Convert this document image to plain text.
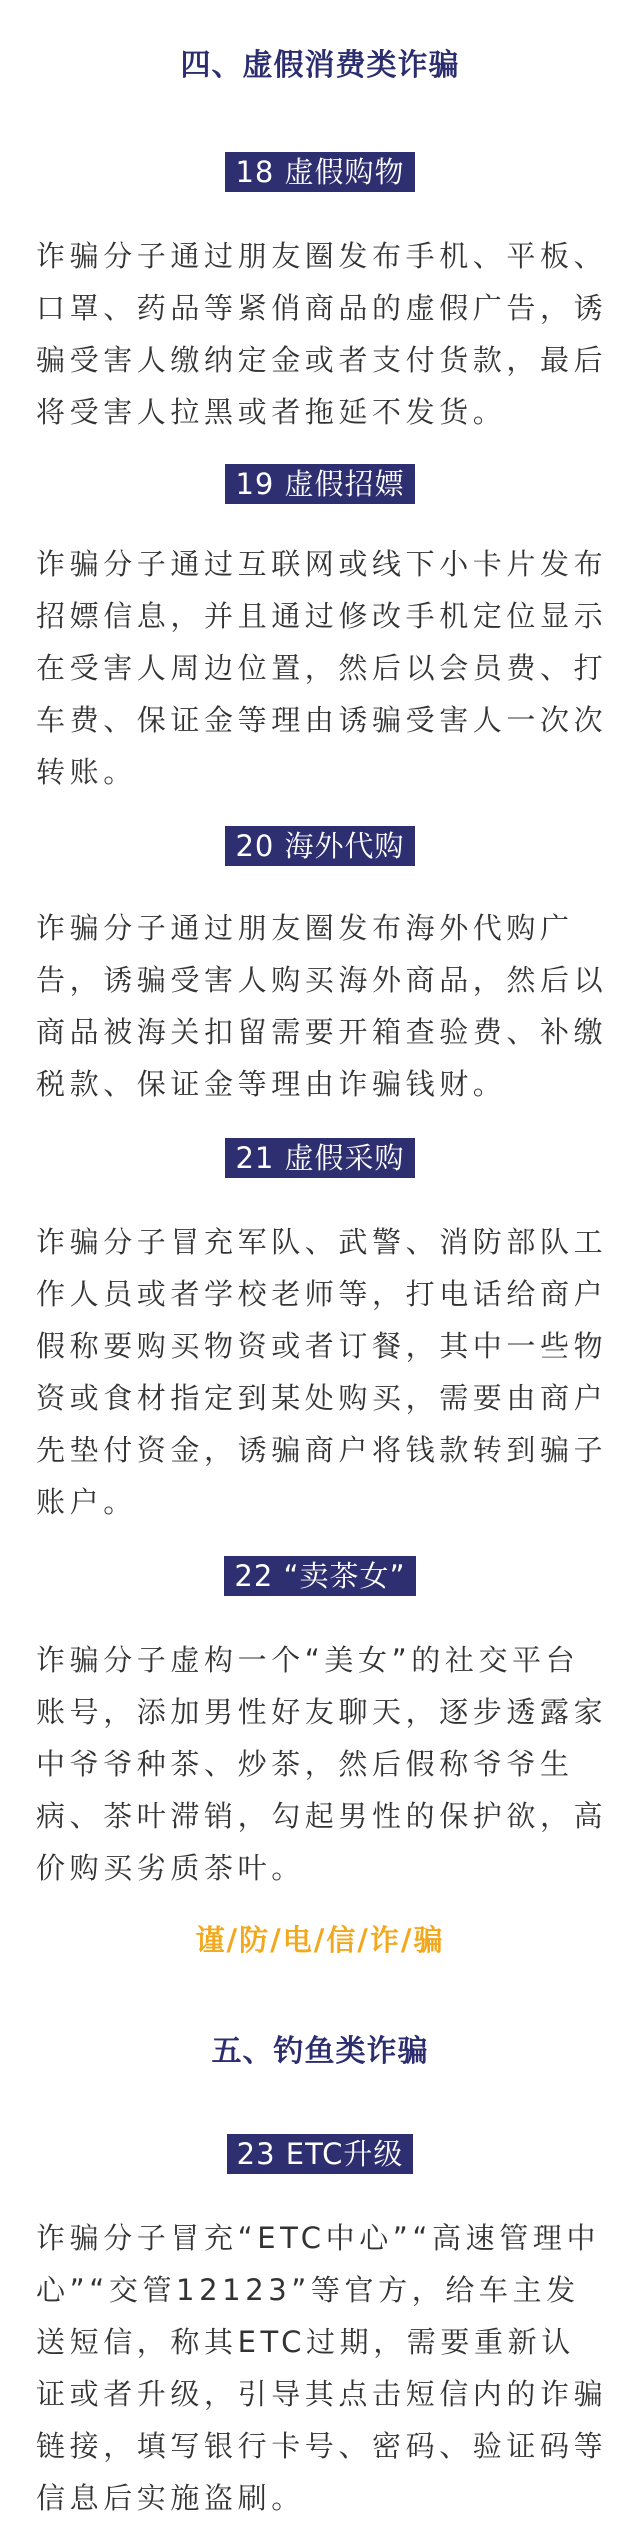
四、虚假消费类诈骗
18 虚假购物

诈骗分子通过朋友圈发布手机、平板、口罩、药品等紧俏商品的虚假广告，诱骗受害人缴纳定金或者支付货款，最后将受害人拉黑或者拖延不发货。

19 虚假招嫖

诈骗分子通过互联网或线下小卡片发布招嫖信息，并且通过修改手机定位显示在受害人周边位置，然后以会员费、打车费、保证金等理由诱骗受害人一次次转账。

20 海外代购

诈骗分子通过朋友圈发布海外代购广告，诱骗受害人购买海外商品，然后以商品被海关扣留需要开箱查验费、补缴税款、保证金等理由诈骗钱财。

21 虚假采购

诈骗分子冒充军队、武警、消防部队工作人员或者学校老师等，打电话给商户假称要购买物资或者订餐，其中一些物资或食材指定到某处购买，需要由商户先垫付资金，诱骗商户将钱款转到骗子账户。

22 “卖茶女”

诈骗分子虚构一个“美女”的社交平台账号，添加男性好友聊天，逐步透露家中爷爷种茶、炒茶，然后假称爷爷生病、茶叶滞销，勾起男性的保护欲，高价购买劣质茶叶。

谨/防/电/信/诈/骗

五、钓鱼类诈骗
23 ETC升级

诈骗分子冒充“ETC中心”“高速管理中心”“交管12123”等官方，给车主发送短信，称其ETC过期，需要重新认证或者升级，引导其点击短信内的诈骗链接，填写银行卡号、密码、验证码等信息后实施盗刷。
